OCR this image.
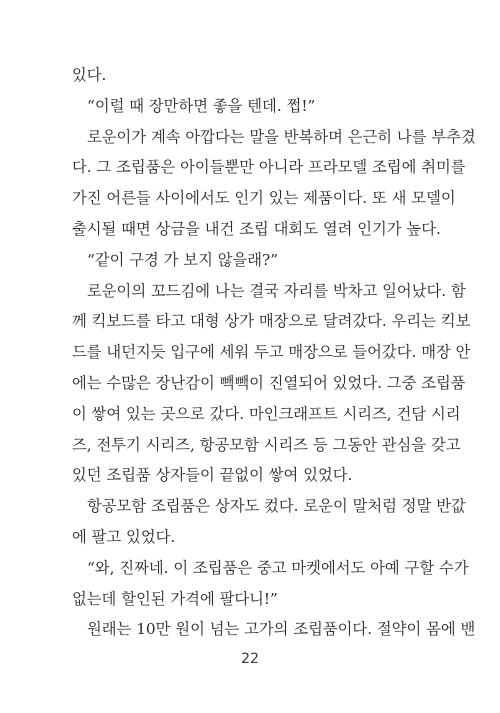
있다.
“이럴 때 장만하면 좋을 텐데. 쩝!”
로운이가 계속 아깝다는 말을 반복하며 은근히 나를 부추겼
다. 그 조립품은 아이들뿐만 아니라 프라모델 조립에 취미를
가진 어른들 사이에서도 인기 있는 제품이다. 또 새 모델이
출시될 때면 상금을 내건 조립 대회도 열려 인기가 높다.
“같이 구경 가 보지 않을래?”
로운이의 꼬드김에 나는 결국 자리를 박차고 일어났다. 함
께 킥보드를 타고 대형 상가 매장으로 달려갔다. 우리는 킥보
드를 내던지듯 입구에 세워 두고 매장으로 들어갔다. 매장 안
에는 수많은 장난감이 빽빽이 진열되어 있었다. 그중 조립품
이 쌓여 있는 곳으로 갔다. 마인크래프트 시리즈, 건담 시리
즈, 전투기 시리즈, 항공모함 시리즈 등 그동안 관심을 갖고
있던 조립품 상자들이 끝없이 쌓여 있었다.
항공모함 조립품은 상자도 컸다. 로운이 말처럼 정말 반값
에 팔고 있었다.
“와, 진짜네. 이 조립품은 중고 마켓에서도 아예 구할 수가
없는데 할인된 가격에 팔다니!”
원래는 10만 원이 넘는 고가의 조립품이다. 절약이 몸에 밴
22
